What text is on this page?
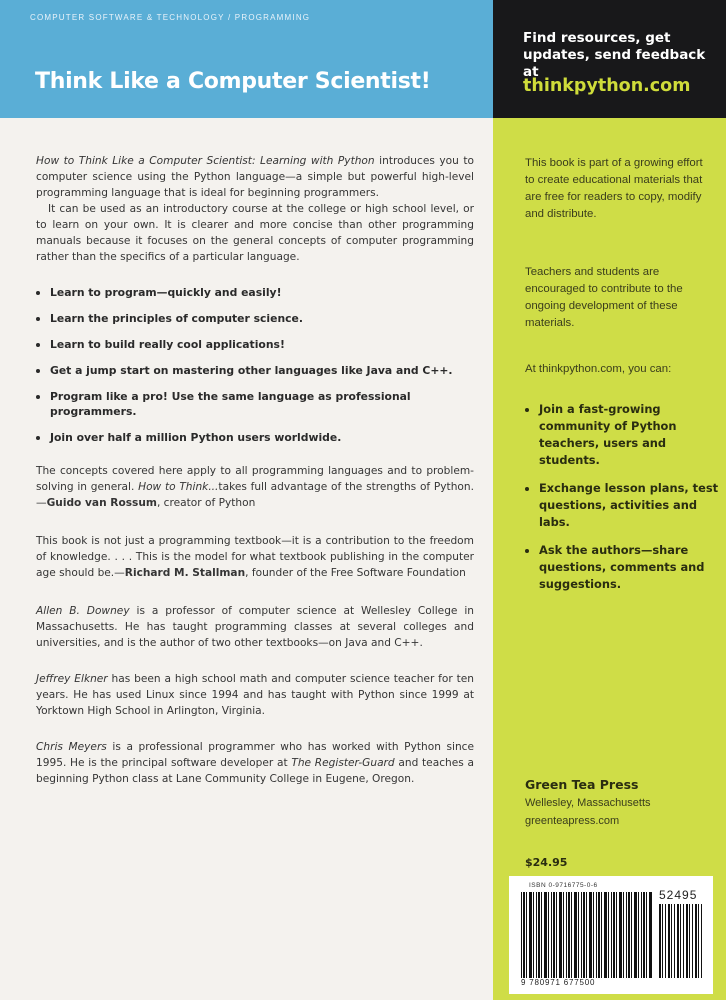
COMPUTER SOFTWARE & TECHNOLOGY / PROGRAMMING
Think Like a Computer Scientist!
Find resources, get updates, send feedback at
thinkpython.com
This book is part of a growing effort to create educational materials that are free for readers to copy, modify and distribute.
Teachers and students are encouraged to contribute to the ongoing development of these materials.
At thinkpython.com, you can:
Join a fast-growing community of Python teachers, users and students.
Exchange lesson plans, test questions, activities and labs.
Ask the authors—share questions, comments and suggestions.
Green Tea Press
Wellesley, Massachusetts
greenteapress.com
$24.95
ISBN 0-9716775-0-6
52495
9 780971 677500

How to Think Like a Computer Scientist: Learning with Python introduces you to computer science using the Python language—a simple but powerful high-level programming language that is ideal for beginning programmers.

It can be used as an introductory course at the college or high school level, or to learn on your own. It is clearer and more concise than other programming manuals because it focuses on the general concepts of computer programming rather than the specifics of a particular language.

Learn to program—quickly and easily!
Learn the principles of computer science.
Learn to build really cool applications!
Get a jump start on mastering other languages like Java and C++.
Program like a pro! Use the same language as professional programmers.
Join over half a million Python users worldwide.

The concepts covered here apply to all programming languages and to problem-solving in general. How to Think...takes full advantage of the strengths of Python.—Guido van Rossum, creator of Python

This book is not just a programming textbook—it is a contribution to the freedom of knowledge. . . . This is the model for what textbook publishing in the computer age should be.—Richard M. Stallman, founder of the Free Software Foundation

Allen B. Downey is a professor of computer science at Wellesley College in Massachusetts. He has taught programming classes at several colleges and universities, and is the author of two other textbooks—on Java and C++.

Jeffrey Elkner has been a high school math and computer science teacher for ten years. He has used Linux since 1994 and has taught with Python since 1999 at Yorktown High School in Arlington, Virginia.

Chris Meyers is a professional programmer who has worked with Python since 1995. He is the principal software developer at The Register-Guard and teaches a beginning Python class at Lane Community College in Eugene, Oregon.
